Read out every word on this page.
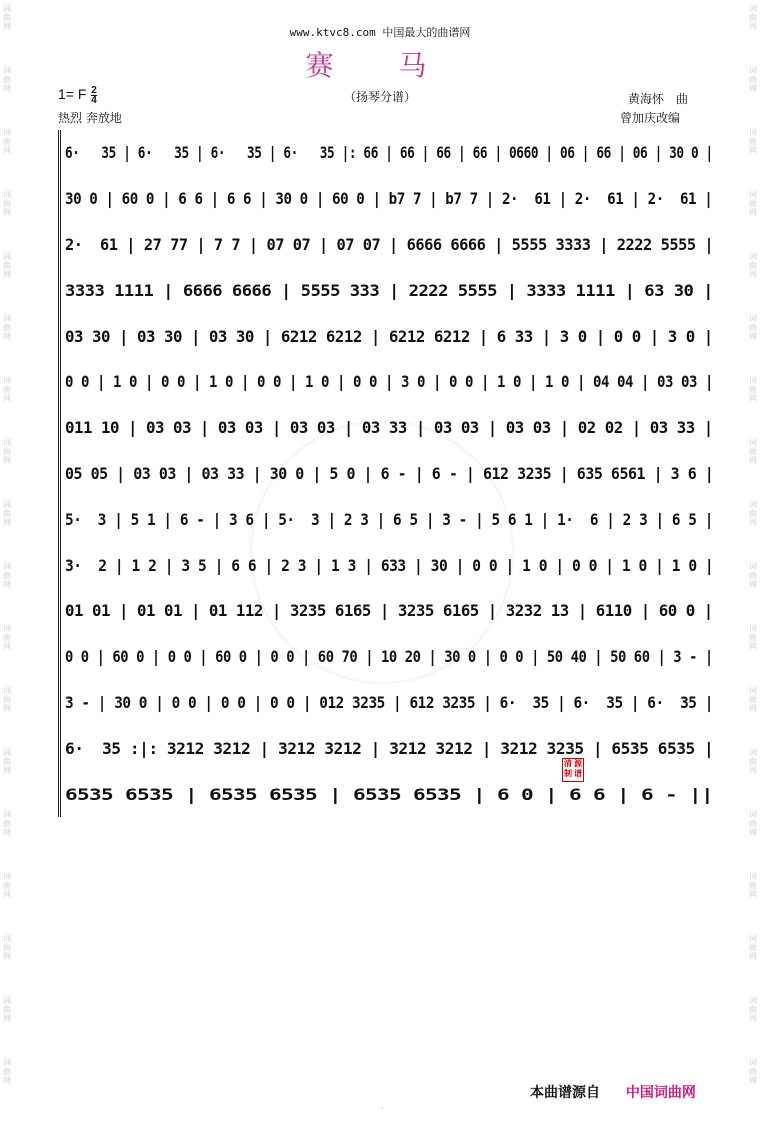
词
曲
网
词
曲
网
词
曲
网
词
曲
网
词
曲
网
词
曲
网
词
曲
网
词
曲
网
词
曲
网
词
曲
网
词
曲
网
词
曲
网
词
曲
网
词
曲
网
词
曲
网
词
曲
网
词
曲
网
词
曲
网
词
曲
网
词
曲
网
词
曲
网
词
曲
网
词
曲
网
词
曲
网
词
曲
网
词
曲
网
词
曲
网
词
曲
网
词
曲
网
词
曲
网
词
曲
网
词
曲
网
词
曲
网
词
曲
网
词
曲
网
词
曲
网
www.ktvc8.com 中国最大的曲谱网
赛 马
（扬琴分谱）
1= F $\frac{2}{4}$
热烈 奔放地
黄海怀　曲
曾加庆改编
6·   35 | 6·   35 | 6·   35 | 6·   35 |: 66 | 66 | 66 | 66 | 0660 | 06 | 66 | 06 | 30 0 |
30 0 | 60 0 | 6 6 | 6 6 | 30 0 | 60 0 | b7 7 | b7 7 | 2·  61 | 2·  61 | 2·  61 |
2·  61 | 27 77 | 7 7 | 07 07 | 07 07 | 6666 6666 | 5555 3333 | 2222 5555 |
3333 1111 | 6666 6666 | 5555 333 | 2222 5555 | 3333 1111 | 63 30 |
03 30 | 03 30 | 03 30 | 6212 6212 | 6212 6212 | 6 33 | 3 0 | 0 0 | 3 0 |
0 0 | 1 0 | 0 0 | 1 0 | 0 0 | 1 0 | 0 0 | 3 0 | 0 0 | 1 0 | 1 0 | 04 04 | 03 03 |
011 10 | 03 03 | 03 03 | 03 03 | 03 33 | 03 03 | 03 03 | 02 02 | 03 33 |
05 05 | 03 03 | 03 33 | 30 0 | 5 0 | 6 - | 6 - | 612 3235 | 635 6561 | 3 6 |
5·  3 | 5 1 | 6 - | 3 6 | 5·  3 | 2 3 | 6 5 | 3 - | 5 6 1 | 1·  6 | 2 3 | 6 5 |
3·  2 | 1 2 | 3 5 | 6 6 | 2 3 | 1 3 | 633 | 30 | 0 0 | 1 0 | 0 0 | 1 0 | 1 0 |
01 01 | 01 01 | 01 112 | 3235 6165 | 3235 6165 | 3232 13 | 6110 | 60 0 |
0 0 | 60 0 | 0 0 | 60 0 | 0 0 | 60 70 | 10 20 | 30 0 | 0 0 | 50 40 | 50 60 | 3 - |
3 - | 30 0 | 0 0 | 0 0 | 0 0 | 012 3235 | 612 3235 | 6·  35 | 6·  35 | 6·  35 |
6·  35 :|: 3212 3212 | 3212 3212 | 3212 3212 | 3212 3235 | 6535 6535 |
6535 6535 | 6535 6535 | 6535 6535 | 6 0 | 6 6 | 6 - ||
清 源
制 谱
·
本曲谱源自 中国词曲网
